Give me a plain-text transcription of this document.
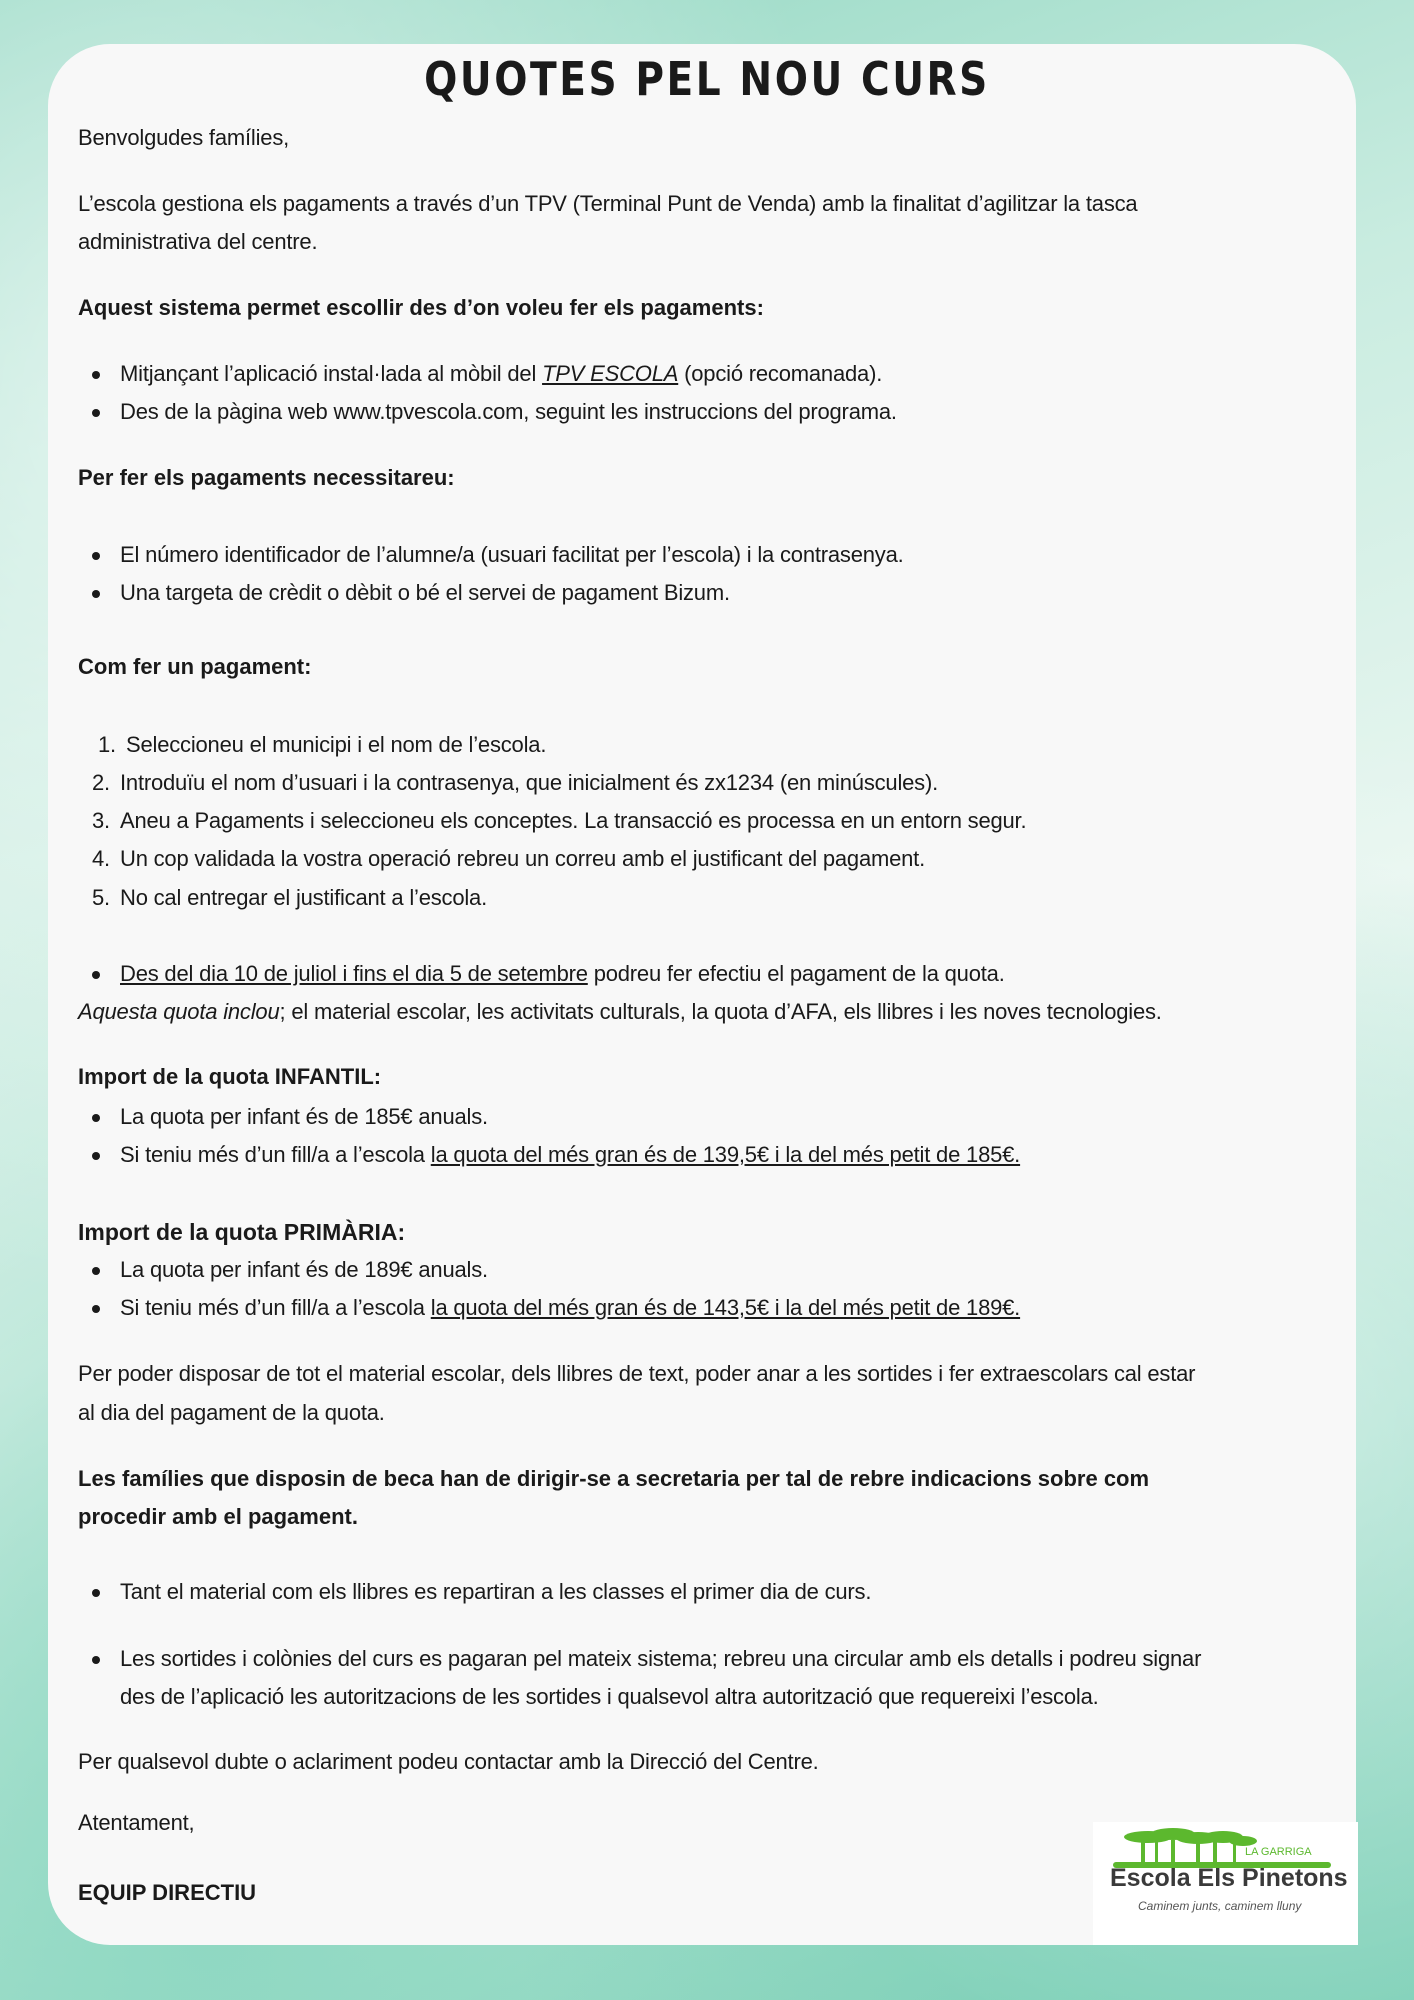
QUOTES PEL NOU CURS
Benvolgudes famílies,
L’escola gestiona els pagaments a través d’un TPV (Terminal Punt de Venda) amb la finalitat d’agilitzar la tasca
administrativa del centre.
Aquest sistema permet escollir des d’on voleu fer els pagaments:
Mitjançant l’aplicació instal·lada al mòbil del TPV ESCOLA (opció recomanada).
Des de la pàgina web www.tpvescola.com, seguint les instruccions del programa.
Per fer els pagaments necessitareu:
El número identificador de l’alumne/a (usuari facilitat per l’escola) i la contrasenya.
Una targeta de crèdit o dèbit o bé el servei de pagament Bizum.
Com fer un pagament:
1. Seleccioneu el municipi i el nom de l’escola.
2. Introduïu el nom d’usuari i la contrasenya, que inicialment és zx1234 (en minúscules).
3. Aneu a Pagaments i seleccioneu els conceptes. La transacció es processa en un entorn segur.
4. Un cop validada la vostra operació rebreu un correu amb el justificant del pagament.
5. No cal entregar el justificant a l’escola.
Des del dia 10 de juliol i fins el dia 5 de setembre podreu fer efectiu el pagament de la quota.
Aquesta quota inclou; el material escolar, les activitats culturals, la quota d’AFA, els llibres i les noves tecnologies.
Import de la quota INFANTIL:
La quota per infant és de 185€ anuals.
Si teniu més d’un fill/a a l’escola la quota del més gran és de 139,5€ i la del més petit de 185€.
Import de la quota PRIMÀRIA:
La quota per infant és de 189€ anuals.
Si teniu més d’un fill/a a l’escola la quota del més gran és de 143,5€ i la del més petit de 189€.
Per poder disposar de tot el material escolar, dels llibres de text, poder anar a les sortides i fer extraescolars cal estar
al dia del pagament de la quota.
Les famílies que disposin de beca han de dirigir-se a secretaria per tal de rebre indicacions sobre com
procedir amb el pagament.
Tant el material com els llibres es repartiran a les classes el primer dia de curs.
Les sortides i colònies del curs es pagaran pel mateix sistema; rebreu una circular amb els detalls i podreu signar
des de l’aplicació les autoritzacions de les sortides i qualsevol altra autorització que requereixi l’escola.
Per qualsevol dubte o aclariment podeu contactar amb la Direcció del Centre.
Atentament,
EQUIP DIRECTIU
LA GARRIGA
Escola Els Pinetons
Caminem junts, caminem lluny
